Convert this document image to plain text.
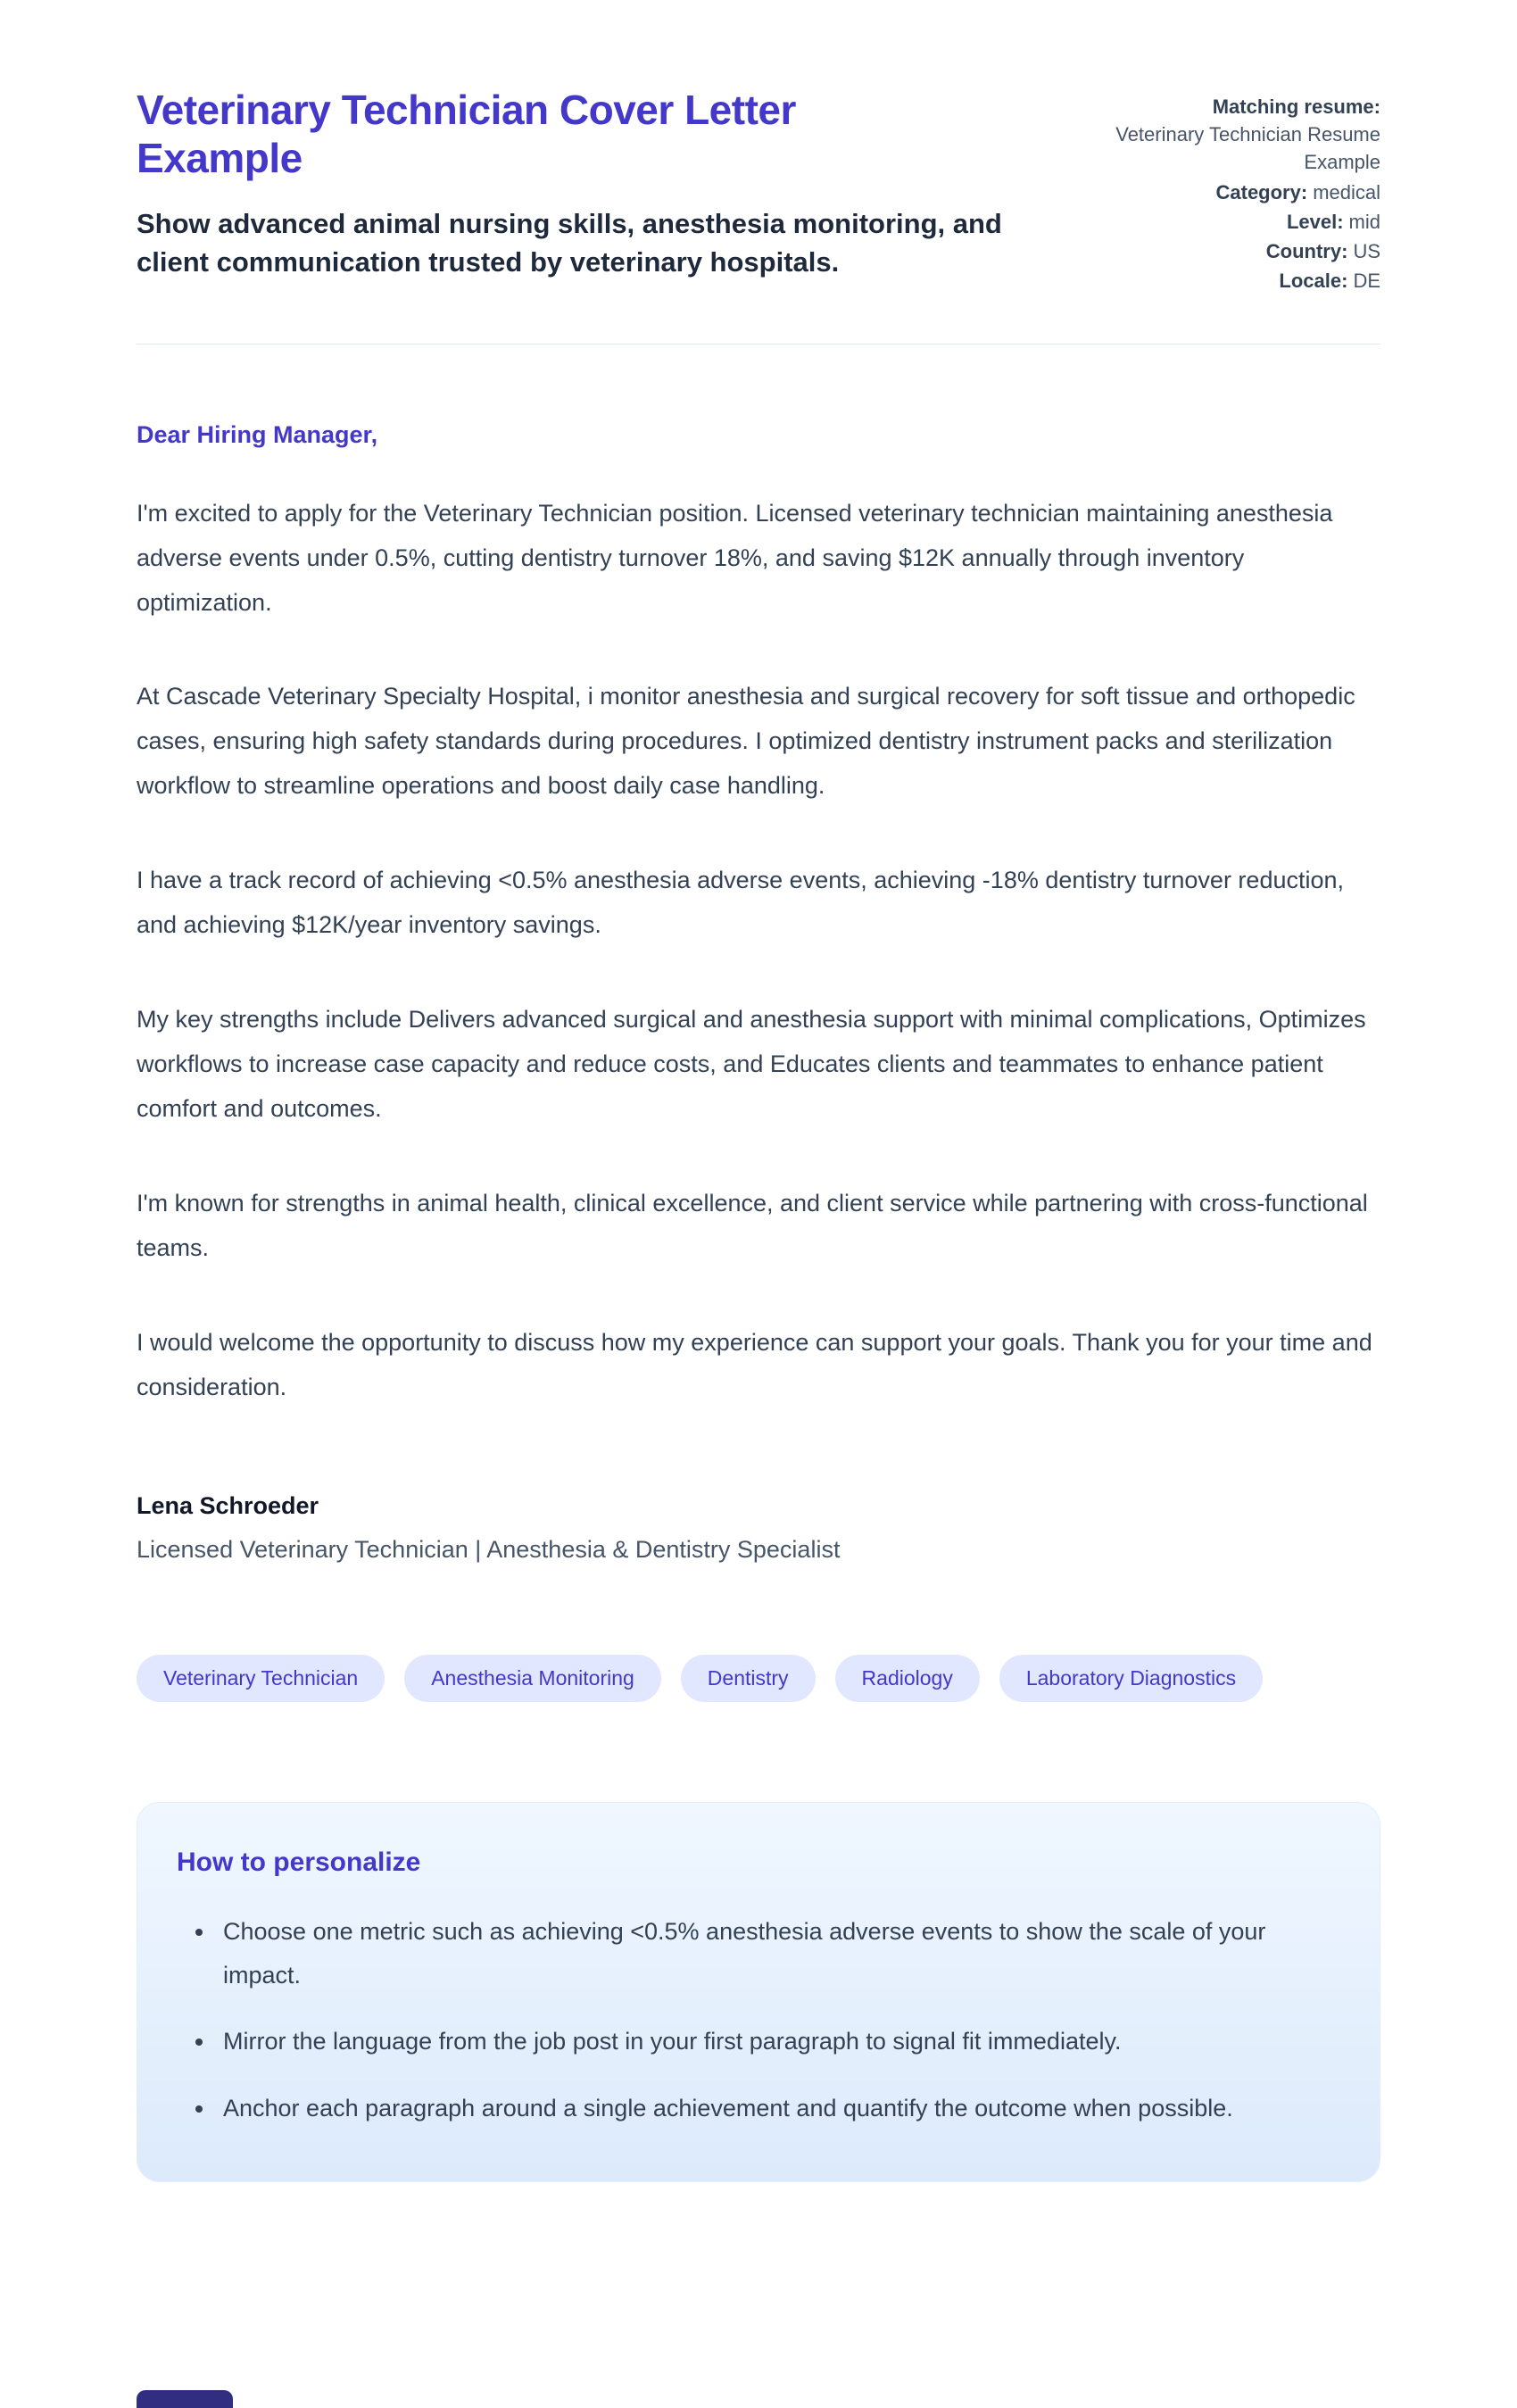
Veterinary Technician Cover Letter Example

Show advanced animal nursing skills, anesthesia monitoring, and client communication trusted by veterinary hospitals.

Matching resume:
Veterinary Technician Resume Example
Category: medical
Level: mid
Country: US
Locale: DE

Dear Hiring Manager,

I'm excited to apply for the Veterinary Technician position. Licensed veterinary technician maintaining anesthesia adverse events under 0.5%, cutting dentistry turnover 18%, and saving $12K annually through inventory optimization.

At Cascade Veterinary Specialty Hospital, i monitor anesthesia and surgical recovery for soft tissue and orthopedic cases, ensuring high safety standards during procedures. I optimized dentistry instrument packs and sterilization workflow to streamline operations and boost daily case handling.

I have a track record of achieving <0.5% anesthesia adverse events, achieving -18% dentistry turnover reduction, and achieving $12K/year inventory savings.

My key strengths include Delivers advanced surgical and anesthesia support with minimal complications, Optimizes workflows to increase case capacity and reduce costs, and Educates clients and teammates to enhance patient comfort and outcomes.

I'm known for strengths in animal health, clinical excellence, and client service while partnering with cross-functional teams.

I would welcome the opportunity to discuss how my experience can support your goals. Thank you for your time and consideration.

Lena Schroeder

Licensed Veterinary Technician | Anesthesia & Dentistry Specialist

Veterinary Technician	Anesthesia Monitoring	Dentistry	Radiology	Laboratory Diagnostics
How to personalize
• Choose one metric such as achieving <0.5% anesthesia adverse events to show the scale of your impact.
• Mirror the language from the job post in your first paragraph to signal fit immediately.
• Anchor each paragraph around a single achievement and quantify the outcome when possible.
